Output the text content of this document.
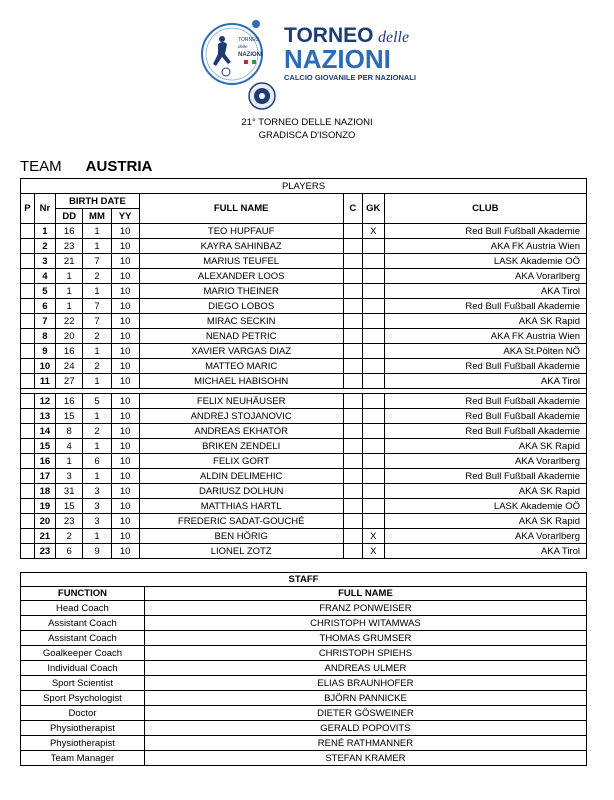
TORNEO
delle
NAZIONI
TORNEO delle
NAZIONI
CALCIO GIOVANILE PER NAZIONALI
21° TORNEO DELLE NAZIONI
GRADISCA D'ISONZO
TEAM AUSTRIA
PLAYERS								
P	Nr	BIRTH DATE			FULL NAME	C	GK	CLUB
		DD	MM	YY				
	1	16	1	10	TEO HUPFAUF		X	Red Bull Fußball Akademie
	2	23	1	10	KAYRA SAHINBAZ			AKA FK Austria Wien
	3	21	7	10	MARIUS TEUFEL			LASK Akademie OÖ
	4	1	2	10	ALEXANDER LOOS			AKA Vorarlberg
	5	1	1	10	MARIO THEINER			AKA Tirol
	6	1	7	10	DIEGO LOBOS			Red Bull Fußball Akademie
	7	22	7	10	MIRAC SECKIN			AKA SK Rapid
	8	20	2	10	NENAD PETRIC			AKA FK Austria Wien
	9	16	1	10	XAVIER VARGAS DIAZ			AKA St.Pölten NÖ
	10	24	2	10	MATTEO MARIC			Red Bull Fußball Akademie
	11	27	1	10	MICHAEL HABISOHN			AKA Tirol

	12	16	5	10	FELIX NEUHÄUSER			Red Bull Fußball Akademie
	13	15	1	10	ANDREJ STOJANOVIC			Red Bull Fußball Akademie
	14	8	2	10	ANDREAS EKHATOR			Red Bull Fußball Akademie
	15	4	1	10	BRIKEN ZENDELI			AKA SK Rapid
	16	1	6	10	FELIX GORT			AKA Vorarlberg
	17	3	1	10	ALDIN DELIMEHIC			Red Bull Fußball Akademie
	18	31	3	10	DARIUSZ DOLHUN			AKA SK Rapid
	19	15	3	10	MATTHIAS HARTL			LASK Akademie OÖ
	20	23	3	10	FREDERIC SADAT-GOUCHÉ			AKA SK Rapid
	21	2	1	10	BEN HÖRIG		X	AKA Vorarlberg
	23	6	9	10	LIONEL ZOTZ		X	AKA Tirol
STAFF	
FUNCTION	FULL NAME
Head Coach	FRANZ PONWEISER
Assistant Coach	CHRISTOPH WITAMWAS
Assistant Coach	THOMAS GRUMSER
Goalkeeper Coach	CHRISTOPH SPIEHS
Individual Coach	ANDREAS ULMER
Sport Scientist	ELIAS BRAUNHOFER
Sport Psychologist	BJÖRN PANNICKE
Doctor	DIETER GÖSWEINER
Physiotherapist	GERALD POPOVITS
Physiotherapist	RENÉ RATHMANNER
Team Manager	STEFAN KRAMER
